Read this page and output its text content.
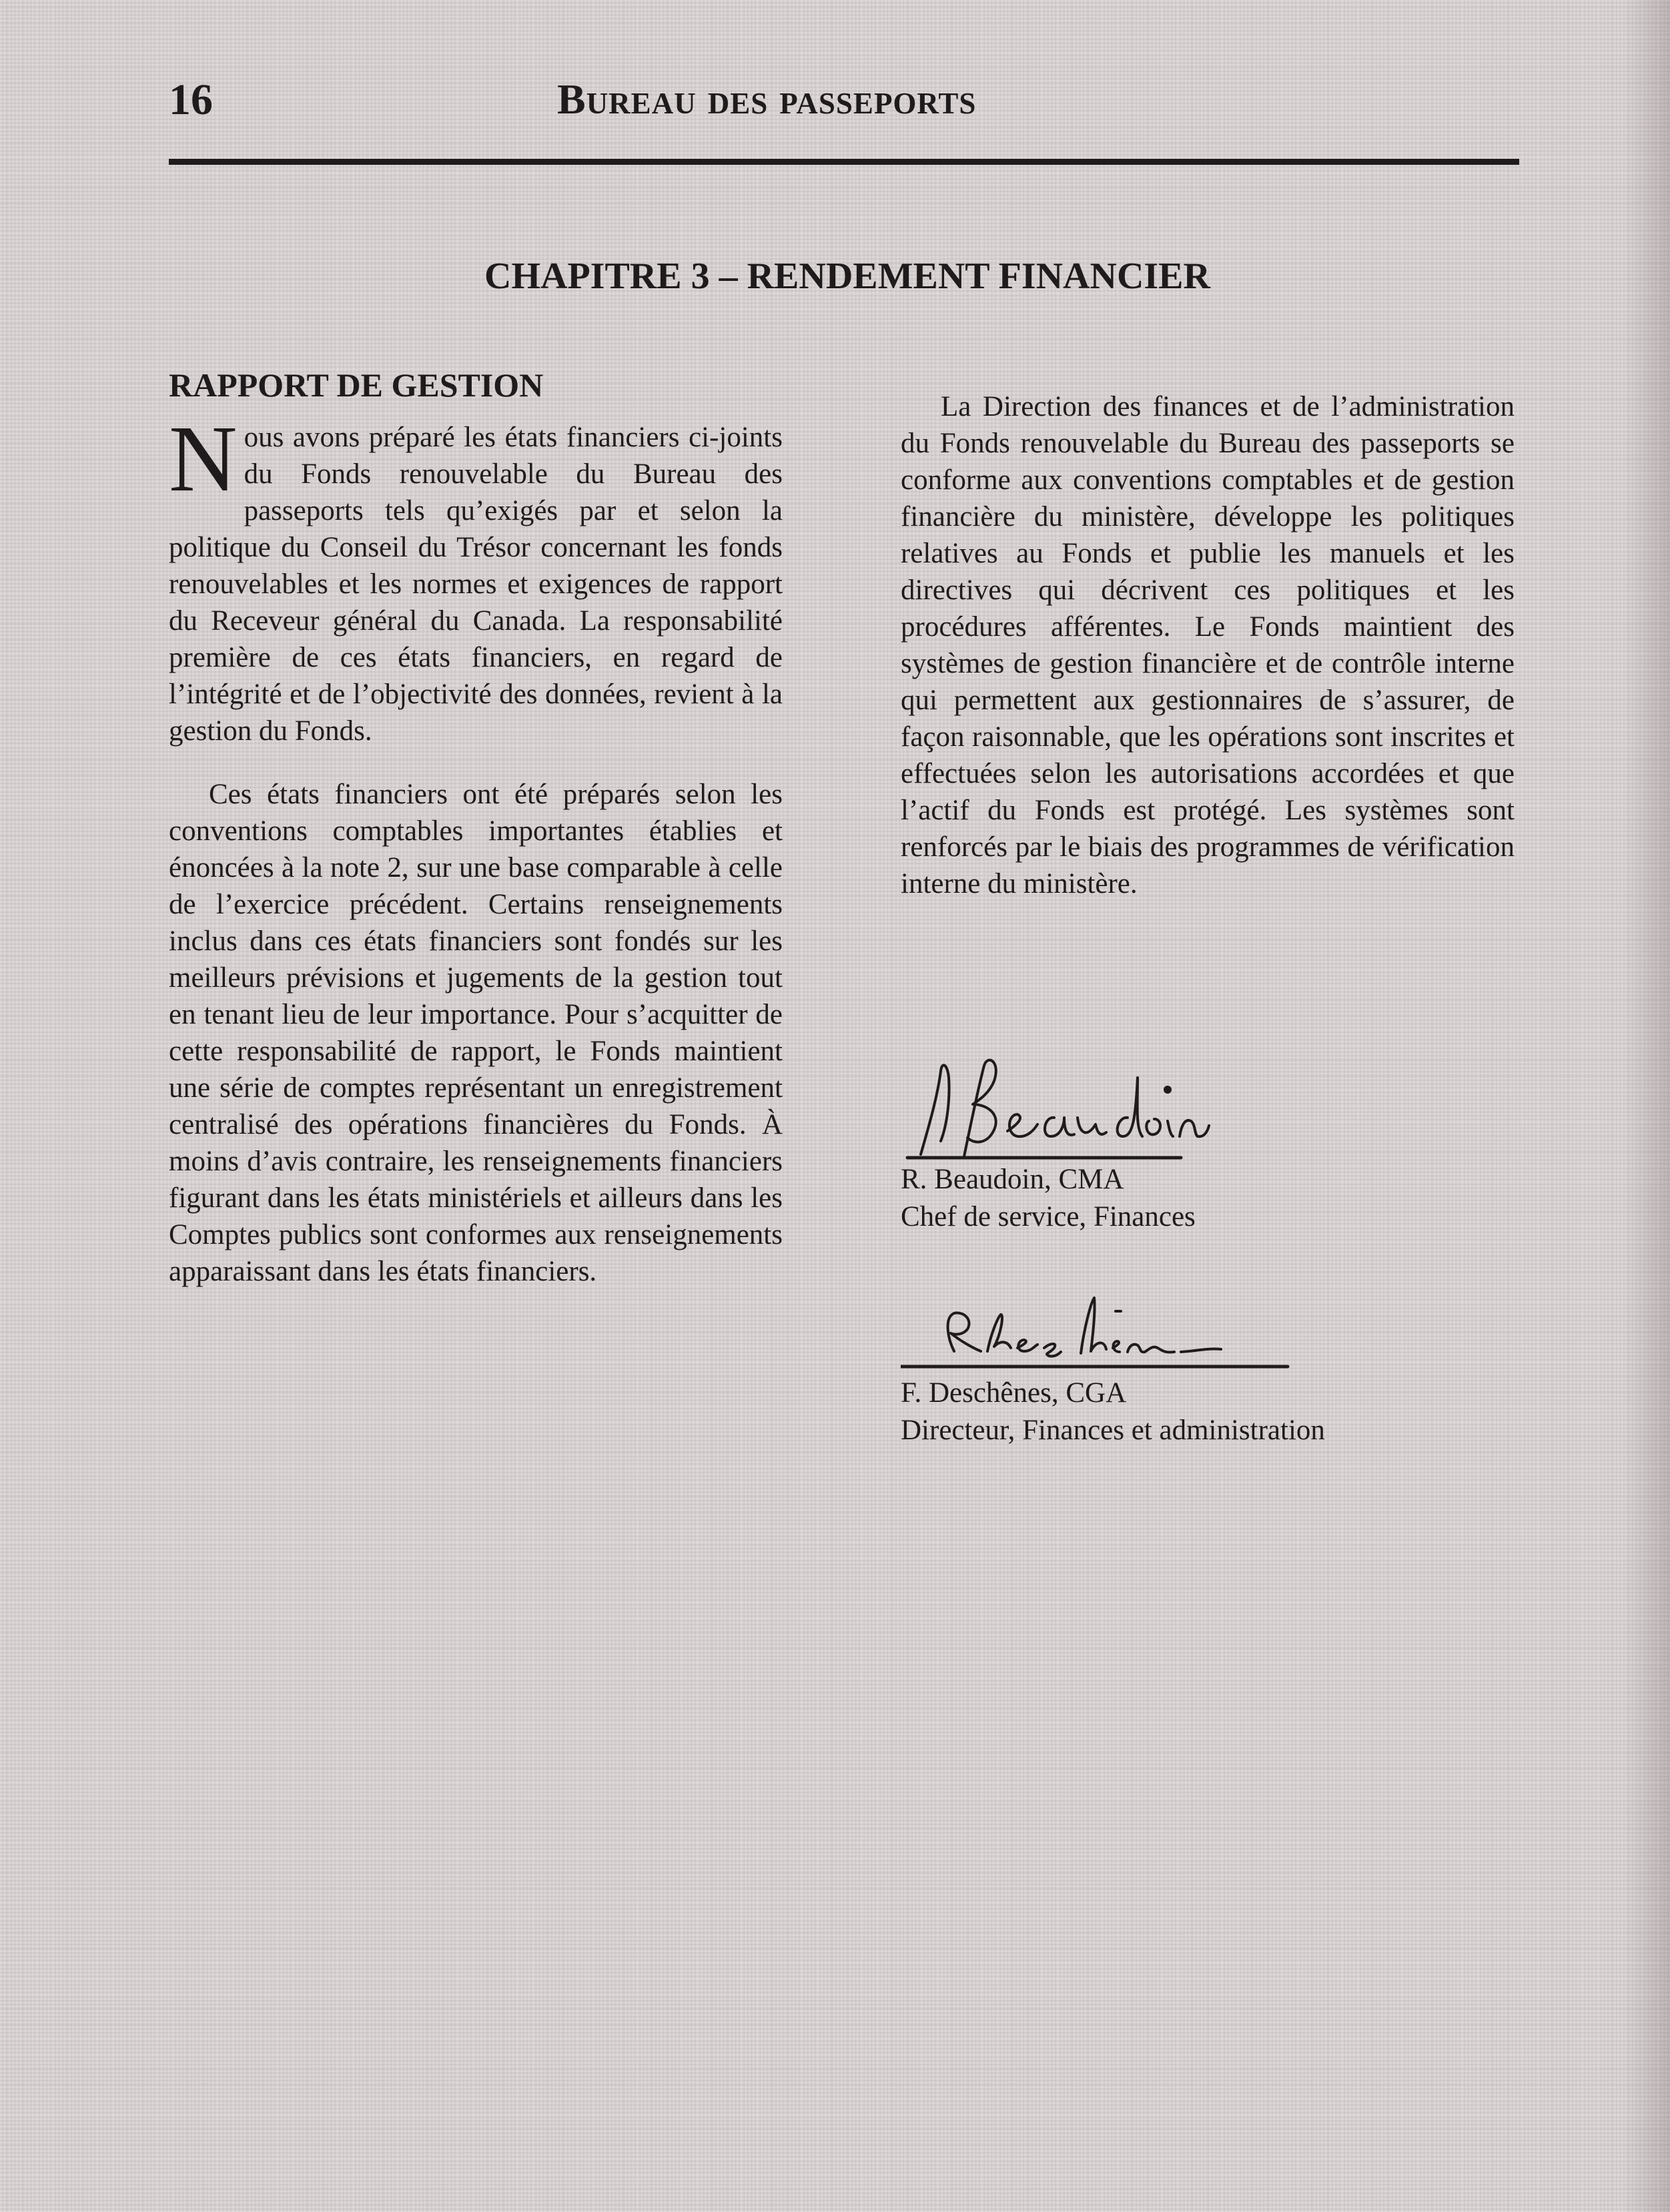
16	Bureau des passeports

CHAPITRE 3 – RENDEMENT FINANCIER
RAPPORT DE GESTION

Nous avons préparé les états financiers ci-joints du Fonds renouvelable du Bureau des passeports tels qu’exigés par et selon la politique du Conseil du Trésor concernant les fonds renouvelables et les normes et exigences de rapport du Receveur général du Canada. La responsabilité première de ces états financiers, en regard de l’intégrité et de l’objectivité des données, revient à la gestion du Fonds.

Ces états financiers ont été préparés selon les conventions comptables importantes établies et énoncées à la note 2, sur une base comparable à celle de l’exercice précédent. Certains renseignements inclus dans ces états financiers sont fondés sur les meilleurs prévisions et jugements de la gestion tout en tenant lieu de leur importance. Pour s’acquitter de cette responsabilité de rapport, le Fonds maintient une série de comptes représentant un enregistrement centralisé des opérations financières du Fonds. À moins d’avis contraire, les renseignements financiers figurant dans les états ministériels et ailleurs dans les Comptes publics sont conformes aux renseignements apparaissant dans les états financiers.

La Direction des finances et de l’administration du Fonds renouvelable du Bureau des passeports se conforme aux conventions comptables et de gestion financière du ministère, développe les politiques relatives au Fonds et publie les manuels et les directives qui décrivent ces politiques et les procédures afférentes. Le Fonds maintient des systèmes de gestion financière et de contrôle interne qui permettent aux gestionnaires de s’assurer, de façon raisonnable, que les opérations sont inscrites et effectuées selon les autorisations accordées et que l’actif du Fonds est protégé. Les systèmes sont renforcés par le biais des programmes de vérification interne du ministère.

R. Beaudoin, CMA

Chef de service, Finances

F. Deschênes, CGA

Directeur, Finances et administration
